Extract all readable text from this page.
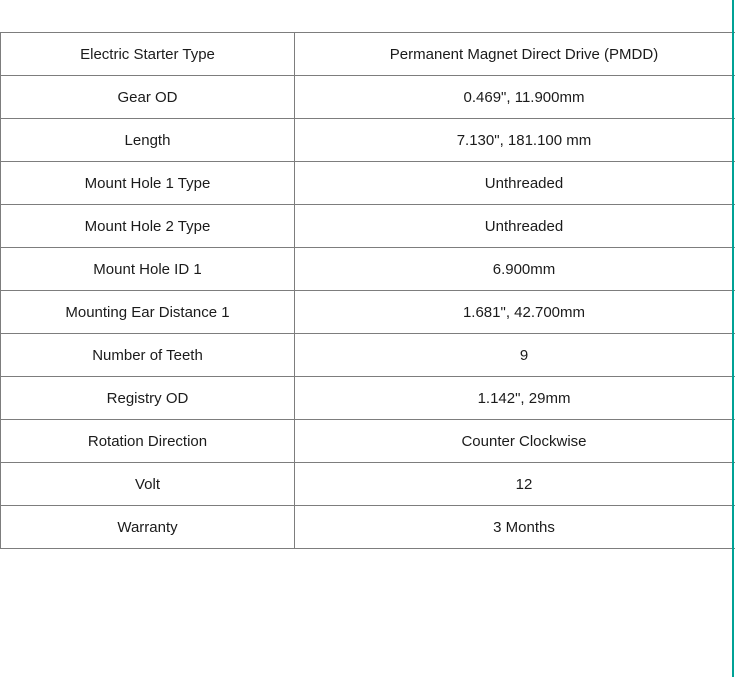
Electric Starter Type	Permanent Magnet Direct Drive (PMDD)
Gear OD	0.469", 11.900mm
Length	7.130", 181.100 mm
Mount Hole 1 Type	Unthreaded
Mount Hole 2 Type	Unthreaded
Mount Hole ID 1	6.900mm
Mounting Ear Distance 1	1.681", 42.700mm
Number of Teeth	9
Registry OD	1.142", 29mm
Rotation Direction	Counter Clockwise
Volt	12
Warranty	3 Months
